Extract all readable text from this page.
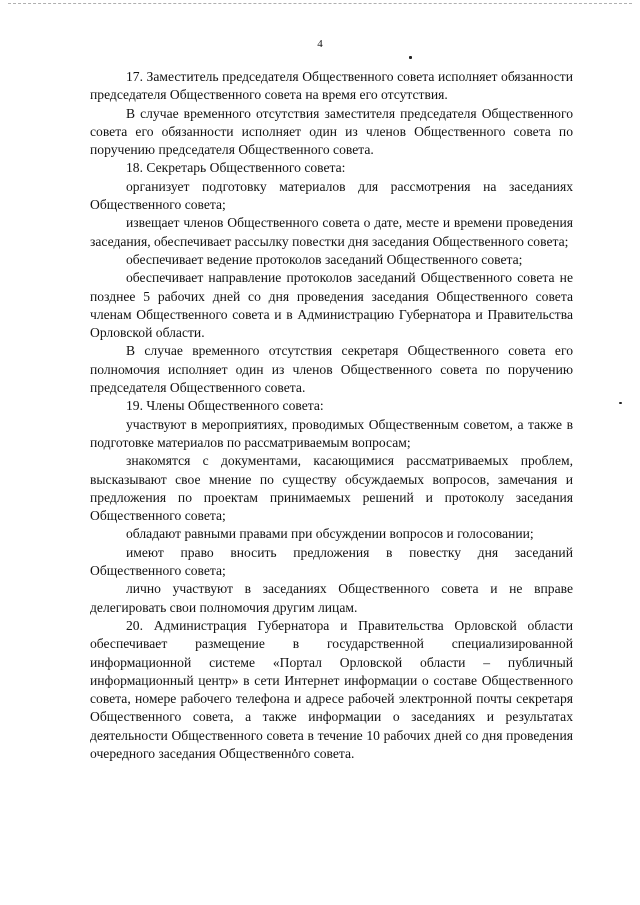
4

17. Заместитель председателя Общественного совета исполняет обязанности председателя Общественного совета на время его отсутствия.

В случае временного отсутствия заместителя председателя Общественного совета его обязанности исполняет один из членов Общественного совета по поручению председателя Общественного совета.

18. Секретарь Общественного совета:

организует подготовку материалов для рассмотрения на заседаниях Общественного совета;

извещает членов Общественного совета о дате, месте и времени проведения заседания, обеспечивает рассылку повестки дня заседания Общественного совета;

обеспечивает ведение протоколов заседаний Общественного совета;

обеспечивает направление протоколов заседаний Общественного совета не позднее 5 рабочих дней со дня проведения заседания Общественного совета членам Общественного совета и в Администрацию Губернатора и Правительства Орловской области.

В случае временного отсутствия секретаря Общественного совета его полномочия исполняет один из членов Общественного совета по поручению председателя Общественного совета.

19. Члены Общественного совета:

участвуют в мероприятиях, проводимых Общественным советом, а также в подготовке материалов по рассматриваемым вопросам;

знакомятся с документами, касающимися рассматриваемых проблем, высказывают свое мнение по существу обсуждаемых вопросов, замечания и предложения по проектам принимаемых решений и протоколу заседания Общественного совета;

обладают равными правами при обсуждении вопросов и голосовании;

имеют право вносить предложения в повестку дня заседаний Общественного совета;

лично участвуют в заседаниях Общественного совета и не вправе делегировать свои полномочия другим лицам.

20. Администрация Губернатора и Правительства Орловской области обеспечивает размещение в государственной специализированной информационной системе «Портал Орловской области – публичный информационный центр» в сети Интернет информации о составе Общественного совета, номере рабочего телефона и адресе рабочей электронной почты секретаря Общественного совета, а также информации о заседаниях и результатах деятельности Общественного совета в течение 10 рабочих дней со дня проведения очередного заседания Общественного совета.
